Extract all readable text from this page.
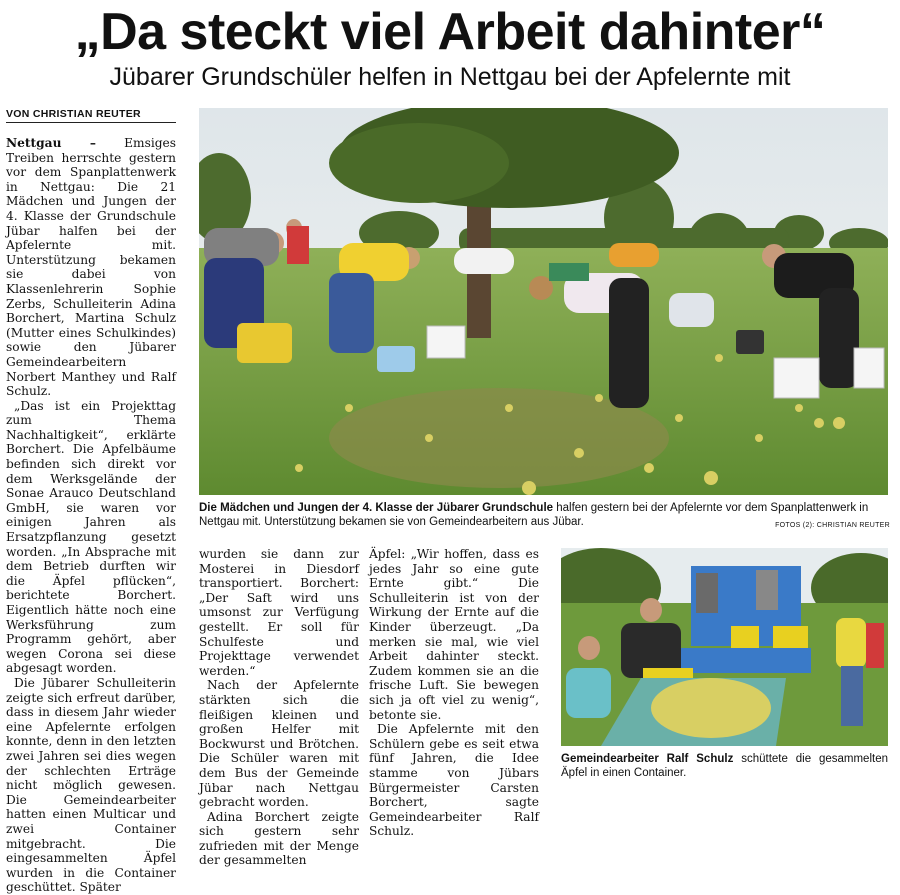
„Da steckt viel Arbeit dahinter“
Jübarer Grundschüler helfen in Nettgau bei der Apfelernte mit
VON CHRISTIAN REUTER

Nettgau – Emsiges Treiben herrschte gestern vor dem Spanplattenwerk in Nettgau: Die 21 Mädchen und Jungen der 4. Klasse der Grundschule Jübar halfen bei der Apfelernte mit. Unterstützung bekamen sie dabei von Klassenlehrerin Sophie Zerbs, Schulleiterin Adina Borchert, Martina Schulz (Mutter eines Schulkindes) sowie den Jübarer Gemeindearbeitern Norbert Manthey und Ralf Schulz.

„Das ist ein Projekttag zum Thema Nachhaltigkeit“, erklärte Borchert. Die Apfelbäume befinden sich direkt vor dem Werksgelände der Sonae Arauco Deutschland GmbH, sie waren vor einigen Jahren als Ersatzpflanzung gesetzt worden. „In Absprache mit dem Betrieb durften wir die Äpfel pflücken“, berichtete Borchert. Eigentlich hätte noch eine Werksführung zum Programm gehört, aber wegen Corona sei diese abgesagt worden.

Die Jübarer Schulleiterin zeigte sich erfreut darüber, dass in diesem Jahr wieder eine Apfelernte erfolgen konnte, denn in den letzten zwei Jahren sei dies wegen der schlechten Erträge nicht möglich gewesen. Die Gemeindearbeiter hatten einen Multicar und zwei Container mitgebracht. Die eingesammelten Äpfel wurden in die Container geschüttet. Später

Die Mädchen und Jungen der 4. Klasse der Jübarer Grundschule halfen gestern bei der Apfelernte vor dem Spanplattenwerk in Nettgau mit. Unterstützung bekamen sie von Gemeindearbeitern aus Jübar.	FOTOS (2): CHRISTIAN REUTER

wurden sie dann zur Mosterei in Diesdorf transportiert. Borchert: „Der Saft wird uns umsonst zur Verfügung gestellt. Er soll für Schulfeste und Projekttage verwendet werden.“

Nach der Apfelernte stärkten sich die fleißigen kleinen und großen Helfer mit Bockwurst und Brötchen. Die Schüler waren mit dem Bus der Gemeinde Jübar nach Nettgau gebracht worden.

Adina Borchert zeigte sich gestern sehr zufrieden mit der Menge der gesammelten

Äpfel: „Wir hoffen, dass es jedes Jahr so eine gute Ernte gibt.“ Die Schulleiterin ist von der Wirkung der Ernte auf die Kinder überzeugt. „Da merken sie mal, wie viel Arbeit dahinter steckt. Zudem kommen sie an die frische Luft. Sie bewegen sich ja oft viel zu wenig“, betonte sie.

Die Apfelernte mit den Schülern gebe es seit etwa fünf Jahren, die Idee stamme von Jübars Bürgermeister Carsten Borchert, sagte Gemeindearbeiter Ralf Schulz.

Gemeindearbeiter Ralf Schulz schüttete die gesammelten Äpfel in einen Container.
